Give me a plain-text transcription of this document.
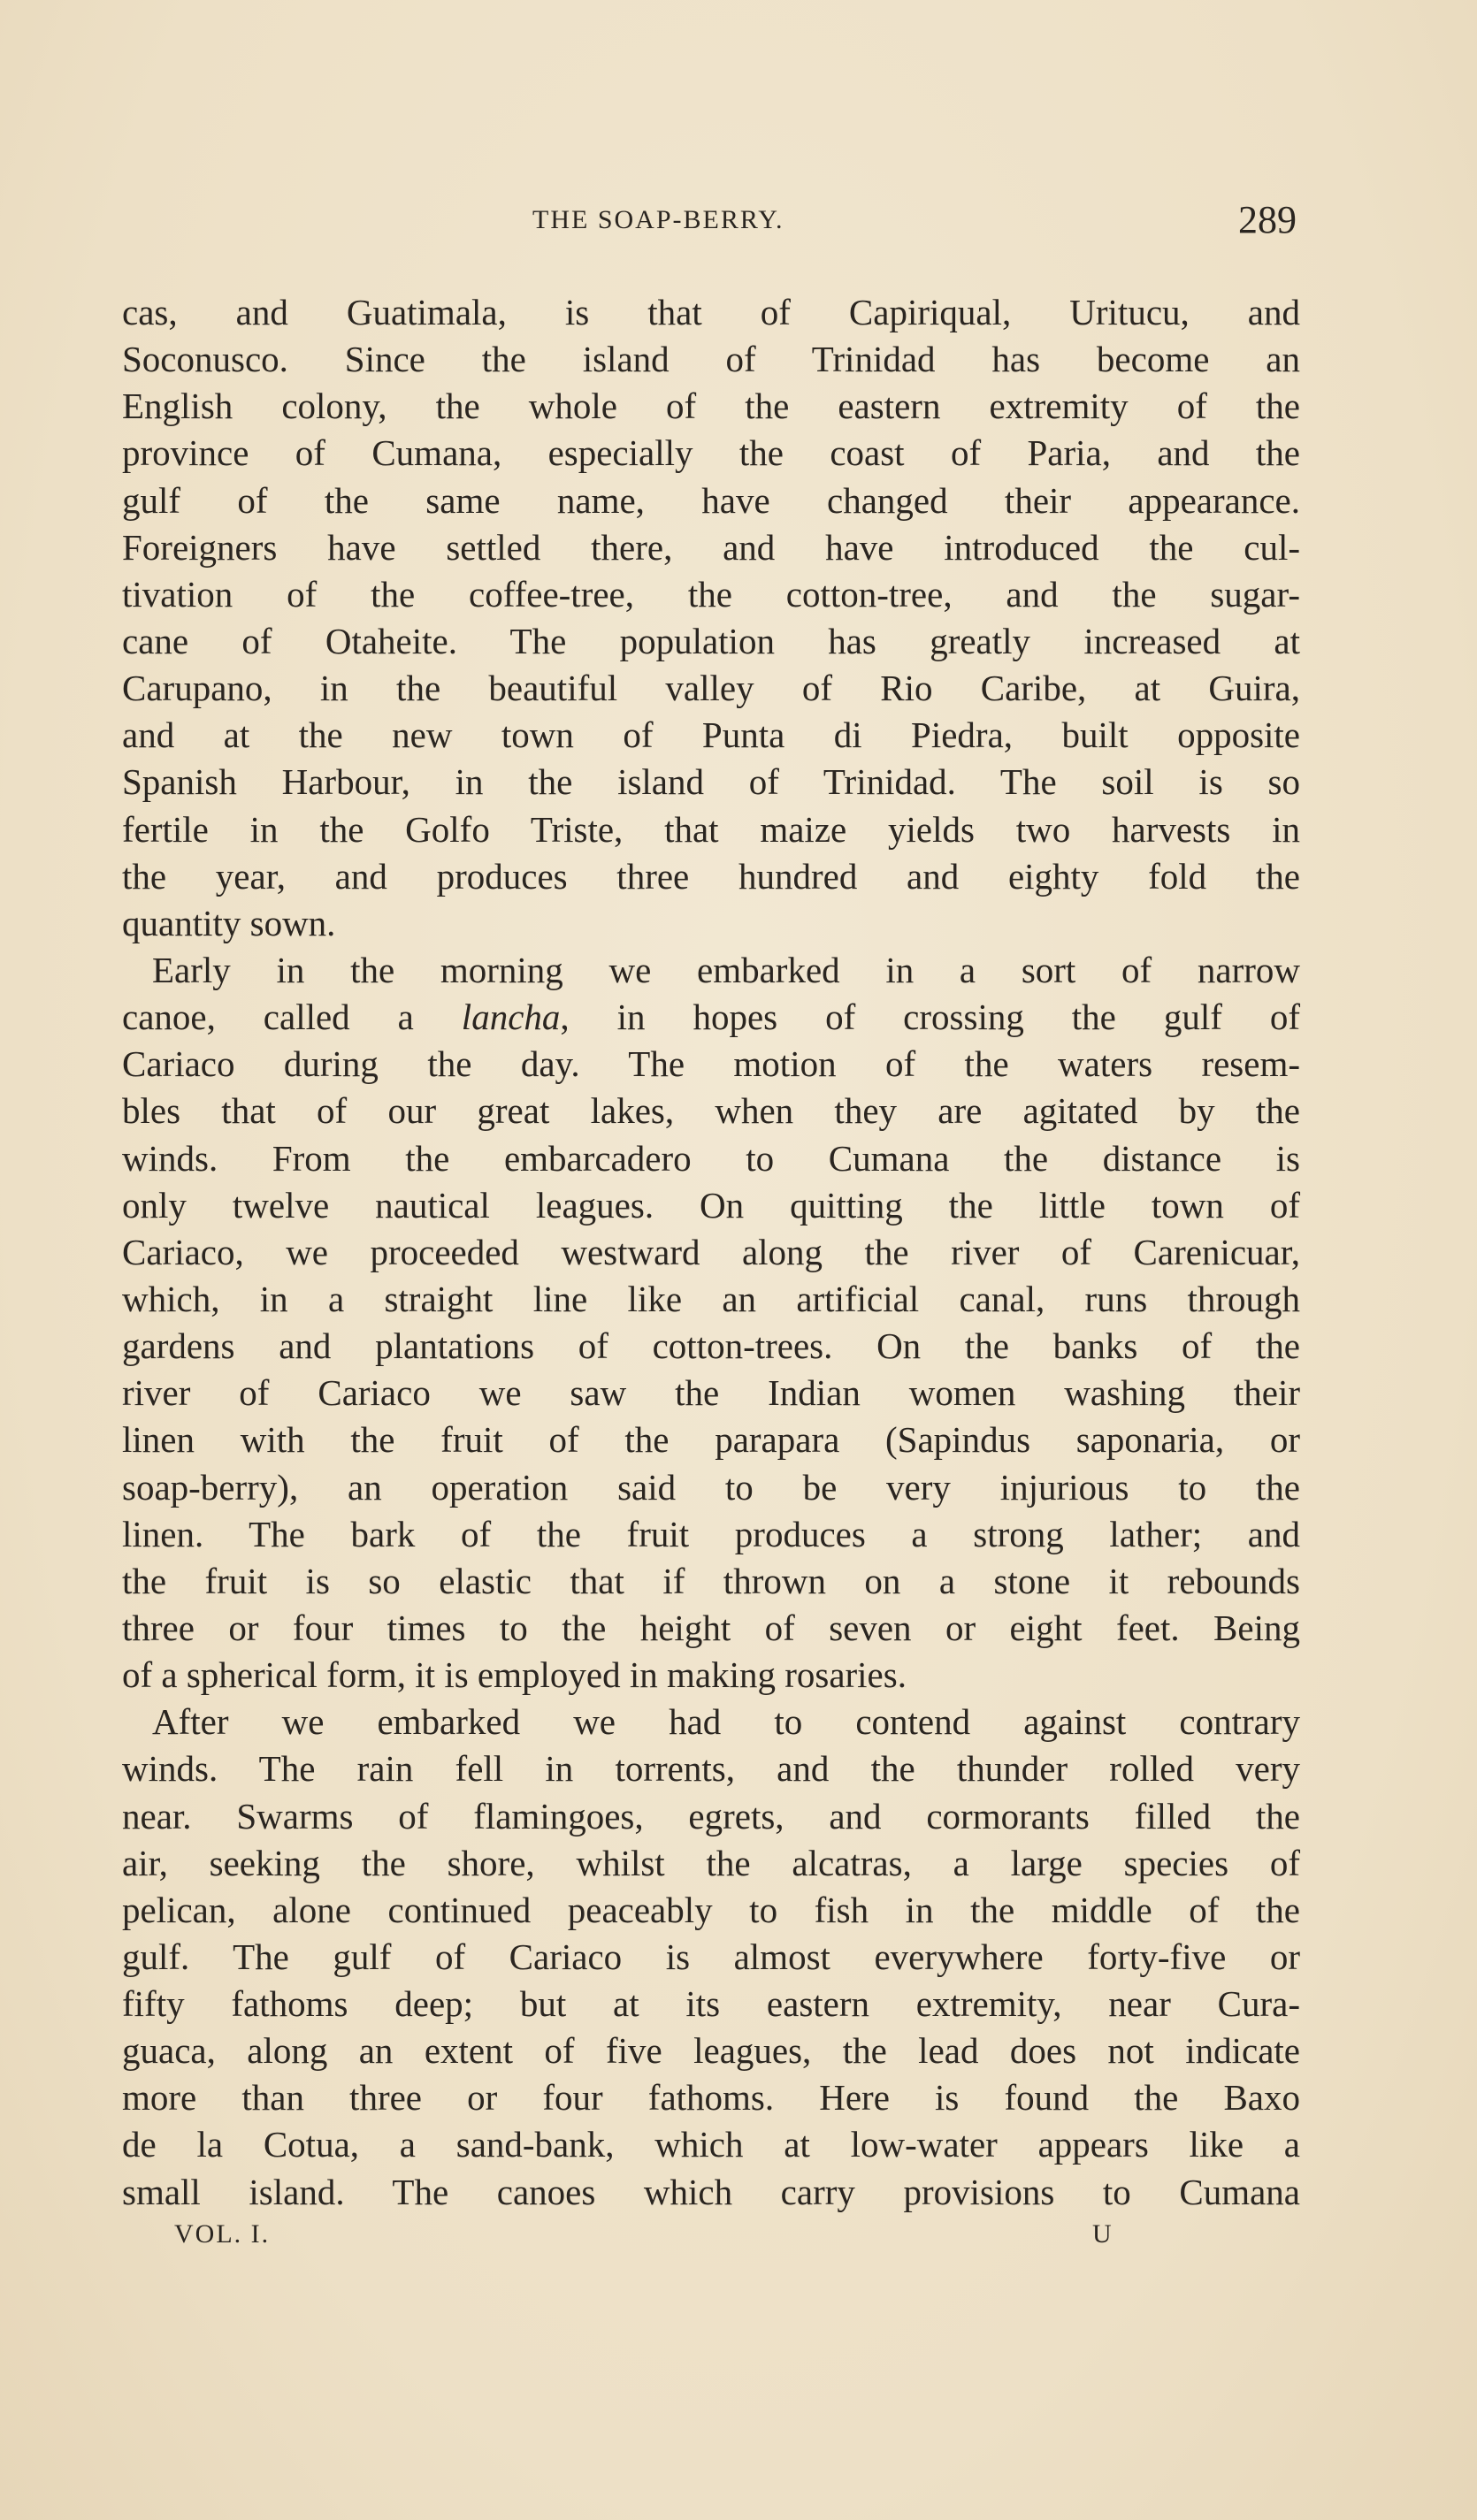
THE SOAP-BERRY.	289
cas, and Guatimala, is that of Capiriqual, Uritucu, and
Soconusco. Since the island of Trinidad has become an
English colony, the whole of the eastern extremity of the
province of Cumana, especially the coast of Paria, and the
gulf of the same name, have changed their appearance.
Foreigners have settled there, and have introduced the cul-
tivation of the coffee-tree, the cotton-tree, and the sugar-
cane of Otaheite. The population has greatly increased at
Carupano, in the beautiful valley of Rio Caribe, at Guira,
and at the new town of Punta di Piedra, built opposite
Spanish Harbour, in the island of Trinidad. The soil is so
fertile in the Golfo Triste, that maize yields two harvests in
the year, and produces three hundred and eighty fold the
quantity sown.
Early in the morning we embarked in a sort of narrow
canoe, called a lancha, in hopes of crossing the gulf of
Cariaco during the day. The motion of the waters resem-
bles that of our great lakes, when they are agitated by the
winds. From the embarcadero to Cumana the distance is
only twelve nautical leagues. On quitting the little town of
Cariaco, we proceeded westward along the river of Carenicuar,
which, in a straight line like an artificial canal, runs through
gardens and plantations of cotton-trees. On the banks of the
river of Cariaco we saw the Indian women washing their
linen with the fruit of the parapara (Sapindus saponaria, or
soap-berry), an operation said to be very injurious to the
linen. The bark of the fruit produces a strong lather; and
the fruit is so elastic that if thrown on a stone it rebounds
three or four times to the height of seven or eight feet. Being
of a spherical form, it is employed in making rosaries.
After we embarked we had to contend against contrary
winds. The rain fell in torrents, and the thunder rolled very
near. Swarms of flamingoes, egrets, and cormorants filled the
air, seeking the shore, whilst the alcatras, a large species of
pelican, alone continued peaceably to fish in the middle of the
gulf. The gulf of Cariaco is almost everywhere forty-five or
fifty fathoms deep; but at its eastern extremity, near Cura-
guaca, along an extent of five leagues, the lead does not indicate
more than three or four fathoms. Here is found the Baxo
de la Cotua, a sand-bank, which at low-water appears like a
small island. The canoes which carry provisions to Cumana
VOL. I.	U
